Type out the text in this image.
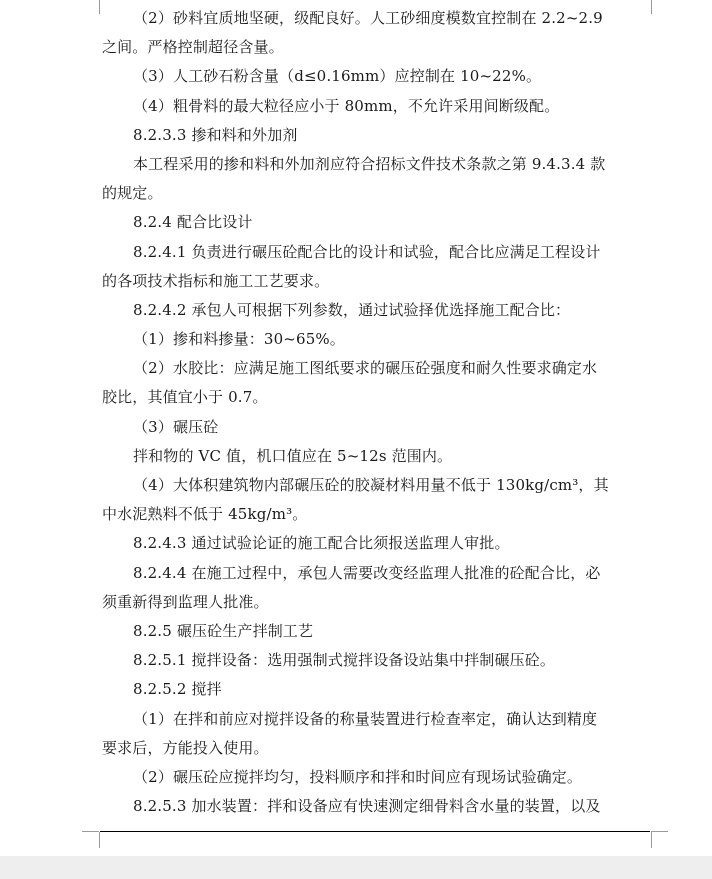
（2）砂料宜质地坚硬，级配良好。人工砂细度模数宜控制在 2.2~2.9
之间。严格控制超径含量。
（3）人工砂石粉含量（d≤0.16mm）应控制在 10~22%。
（4）粗骨料的最大粒径应小于 80mm，不允许采用间断级配。
8.2.3.3 掺和料和外加剂
本工程采用的掺和料和外加剂应符合招标文件技术条款之第 9.4.3.4 款
的规定。
8.2.4 配合比设计
8.2.4.1 负责进行碾压砼配合比的设计和试验，配合比应满足工程设计
的各项技术指标和施工工艺要求。
8.2.4.2 承包人可根据下列参数，通过试验择优选择施工配合比：
（1）掺和料掺量：30~65%。
（2）水胶比：应满足施工图纸要求的碾压砼强度和耐久性要求确定水
胶比，其值宜小于 0.7。
（3）碾压砼
拌和物的 VC 值，机口值应在 5~12s 范围内。
（4）大体积建筑物内部碾压砼的胶凝材料用量不低于 130kg/cm³，其
中水泥熟料不低于 45kg/m³。
8.2.4.3 通过试验论证的施工配合比须报送监理人审批。
8.2.4.4 在施工过程中，承包人需要改变经监理人批准的砼配合比，必
须重新得到监理人批准。
8.2.5 碾压砼生产拌制工艺
8.2.5.1 搅拌设备：选用强制式搅拌设备设站集中拌制碾压砼。
8.2.5.2 搅拌
（1）在拌和前应对搅拌设备的称量装置进行检查率定，确认达到精度
要求后，方能投入使用。
（2）碾压砼应搅拌均匀，投料顺序和拌和时间应有现场试验确定。
8.2.5.3 加水装置：拌和设备应有快速测定细骨料含水量的装置，以及
